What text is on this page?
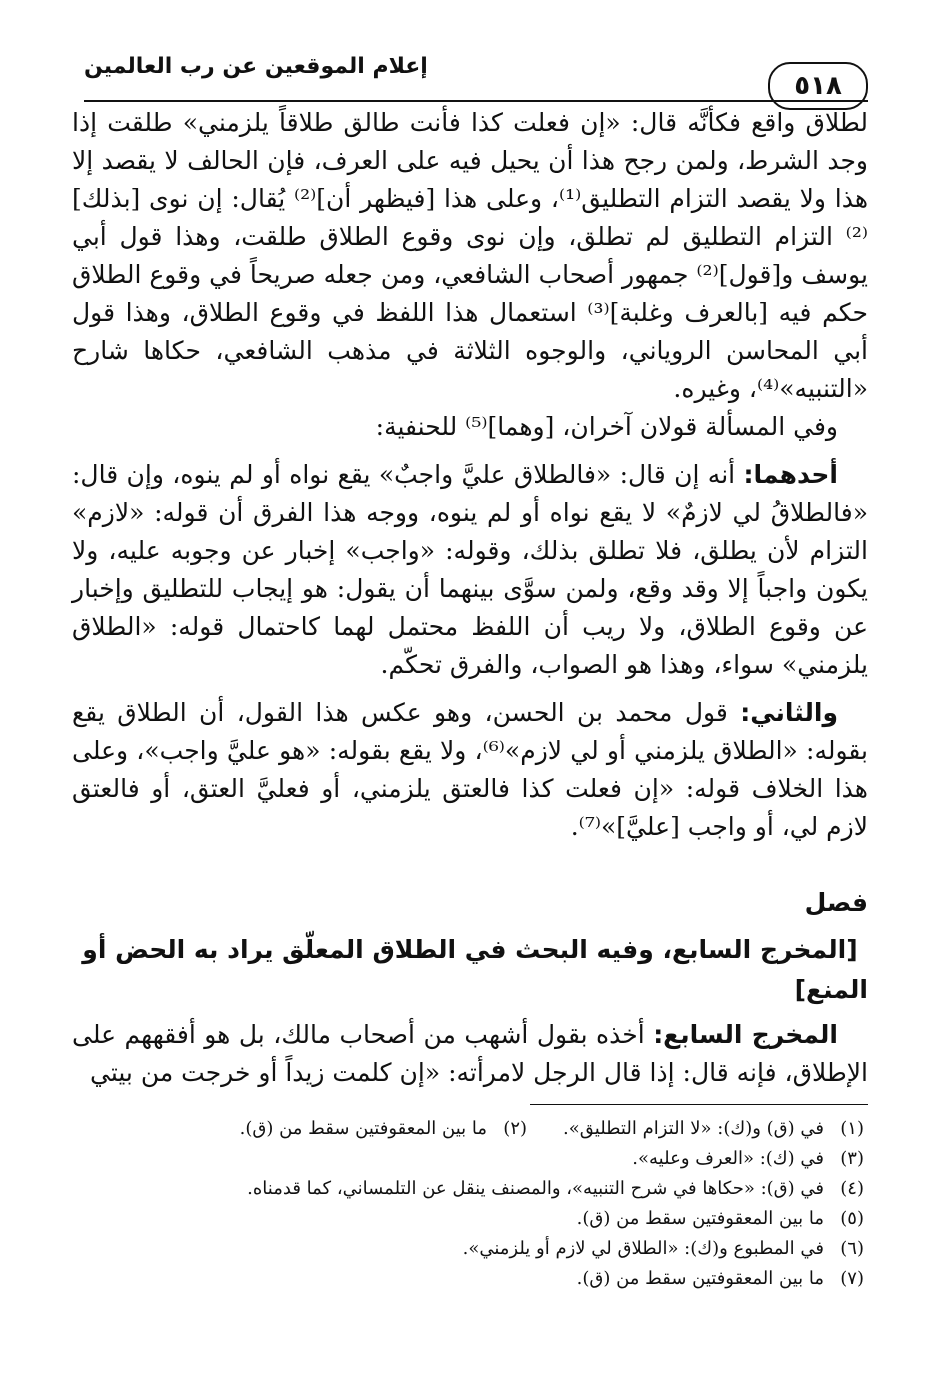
٥١٨
إعلام الموقعين عن رب العالمين

لطلاق واقع فكأنَّه قال: «إن فعلت كذا فأنت طالق طلاقاً يلزمني» طلقت إذا وجد الشرط، ولمن رجح هذا أن يحيل فيه على العرف، فإن الحالف لا يقصد إلا هذا ولا يقصد التزام التطليق⁽¹⁾، وعلى هذا [فيظهر أن]⁽²⁾ يُقال: إن نوى [بذلك]⁽²⁾ التزام التطليق لم تطلق، وإن نوى وقوع الطلاق طلقت، وهذا قول أبي يوسف و[قول]⁽²⁾ جمهور أصحاب الشافعي، ومن جعله صريحاً في وقوع الطلاق حكم فيه [بالعرف وغلبة]⁽³⁾ استعمال هذا اللفظ في وقوع الطلاق، وهذا قول أبي المحاسن الروياني، والوجوه الثلاثة في مذهب الشافعي، حكاها شارح «التنبيه»⁽⁴⁾، وغيره.

وفي المسألة قولان آخران، [وهما]⁽⁵⁾ للحنفية:

أحدهما: أنه إن قال: «فالطلاق عليَّ واجبٌ» يقع نواه أو لم ينوه، وإن قال: «فالطلاقُ لي لازمٌ» لا يقع نواه أو لم ينوه، ووجه هذا الفرق أن قوله: «لازم» التزام لأن يطلق، فلا تطلق بذلك، وقوله: «واجب» إخبار عن وجوبه عليه، ولا يكون واجباً إلا وقد وقع، ولمن سوَّى بينهما أن يقول: هو إيجاب للتطليق وإخبار عن وقوع الطلاق، ولا ريب أن اللفظ محتمل لهما كاحتمال قوله: «الطلاق يلزمني» سواء، وهذا هو الصواب، والفرق تحكّم.

والثاني: قول محمد بن الحسن، وهو عكس هذا القول، أن الطلاق يقع بقوله: «الطلاق يلزمني أو لي لازم»⁽⁶⁾، ولا يقع بقوله: «هو عليَّ واجب»، وعلى هذا الخلاف قوله: «إن فعلت كذا فالعتق يلزمني، أو فعليَّ العتق، أو فالعتق لازم لي، أو واجب [عليَّ]»⁽⁷⁾.

فصل
[المخرج السابع، وفيه البحث في الطلاق المعلّق يراد به الحض أو المنع]

المخرج السابع: أخذه بقول أشهب من أصحاب مالك، بل هو أفقههم على الإطلاق، فإنه قال: إذا قال الرجل لامرأته: «إن كلمت زيداً أو خرجت من بيتي

(١)
في (ق) و(ك): «لا التزام التطليق».
(٢)
ما بين المعقوفتين سقط من (ق).
(٣)
في (ك): «العرف وعليه».
(٤)
في (ق): «حكاها في شرح التنبيه»، والمصنف ينقل عن التلمساني، كما قدمناه.
(٥)
ما بين المعقوفتين سقط من (ق).
(٦)
في المطبوع و(ك): «الطلاق لي لازم أو يلزمني».
(٧)
ما بين المعقوفتين سقط من (ق).
